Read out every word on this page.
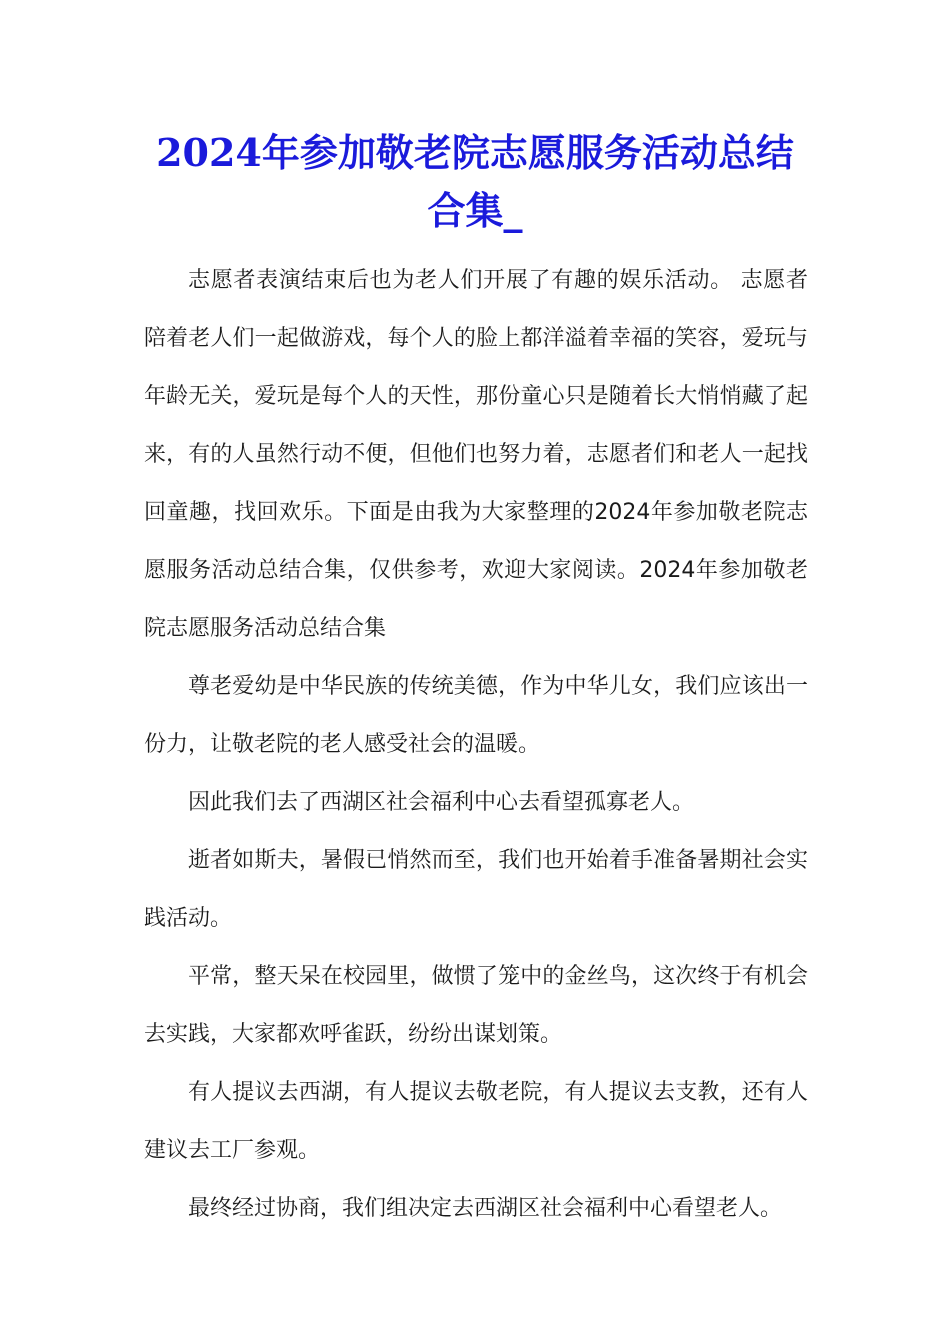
2024年参加敬老院志愿服务活动总结合集_

志愿者表演结束后也为老人们开展了有趣的娱乐活动。 志愿者陪着老人们一起做游戏，每个人的脸上都洋溢着幸福的笑容，爱玩与年龄无关，爱玩是每个人的天性，那份童心只是随着长大悄悄藏了起来，有的人虽然行动不便，但他们也努力着，志愿者们和老人一起找回童趣，找回欢乐。下面是由我为大家整理的2024年参加敬老院志愿服务活动总结合集，仅供参考，欢迎大家阅读。2024年参加敬老院志愿服务活动总结合集

尊老爱幼是中华民族的传统美德，作为中华儿女，我们应该出一份力，让敬老院的老人感受社会的温暖。

因此我们去了西湖区社会福利中心去看望孤寡老人。

逝者如斯夫，暑假已悄然而至，我们也开始着手准备暑期社会实践活动。

平常，整天呆在校园里，做惯了笼中的金丝鸟，这次终于有机会去实践，大家都欢呼雀跃，纷纷出谋划策。

有人提议去西湖，有人提议去敬老院，有人提议去支教，还有人建议去工厂参观。

最终经过协商，我们组决定去西湖区社会福利中心看望老人。
